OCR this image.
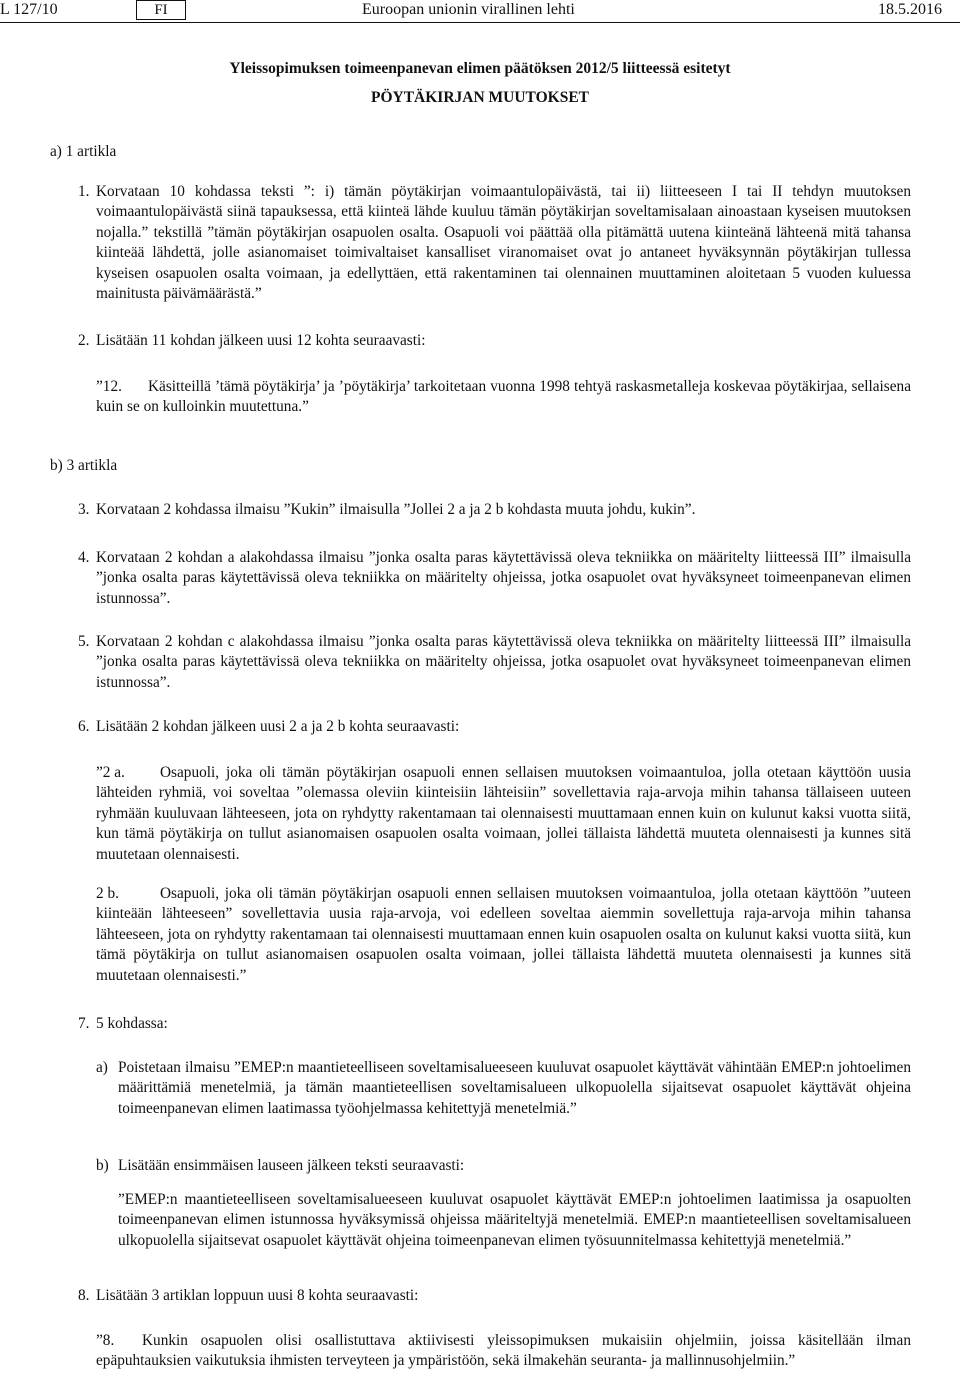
L 127/10	FI	Euroopan unionin virallinen lehti	18.5.2016
Yleissopimuksen toimeenpanevan elimen päätöksen 2012/5 liitteessä esitetyt
PÖYTÄKIRJAN MUUTOKSET
a) 1 artikla
1. Korvataan 10 kohdassa teksti ”: i) tämän pöytäkirjan voimaantulopäivästä, tai ii) liitteeseen I tai II tehdyn muutoksen voimaantulopäivästä siinä tapauksessa, että kiinteä lähde kuuluu tämän pöytäkirjan soveltamisalaan ainoastaan kyseisen muutoksen nojalla.” tekstillä ”tämän pöytäkirjan osapuolen osalta. Osapuoli voi päättää olla pitämättä uutena kiinteänä lähteenä mitä tahansa kiinteää lähdettä, jolle asianomaiset toimivaltaiset kansalliset viranomaiset ovat jo antaneet hyväksynnän pöytäkirjan tullessa kyseisen osapuolen osalta voimaan, ja edellyttäen, että rakentaminen tai olennainen muuttaminen aloitetaan 5 vuoden kuluessa mainitusta päivämäärästä.”
2. Lisätään 11 kohdan jälkeen uusi 12 kohta seuraavasti:
”12.	Käsitteillä ’tämä pöytäkirja’ ja ’pöytäkirja’ tarkoitetaan vuonna 1998 tehtyä raskasmetalleja koskevaa pöytäkirjaa, sellaisena kuin se on kulloinkin muutettuna.”
b) 3 artikla
3. Korvataan 2 kohdassa ilmaisu ”Kukin” ilmaisulla ”Jollei 2 a ja 2 b kohdasta muuta johdu, kukin”.
4. Korvataan 2 kohdan a alakohdassa ilmaisu ”jonka osalta paras käytettävissä oleva tekniikka on määritelty liitteessä III” ilmaisulla ”jonka osalta paras käytettävissä oleva tekniikka on määritelty ohjeissa, jotka osapuolet ovat hyväksyneet toimeenpanevan elimen istunnossa”.
5. Korvataan 2 kohdan c alakohdassa ilmaisu ”jonka osalta paras käytettävissä oleva tekniikka on määritelty liitteessä III” ilmaisulla ”jonka osalta paras käytettävissä oleva tekniikka on määritelty ohjeissa, jotka osapuolet ovat hyväksyneet toimeenpanevan elimen istunnossa”.
6. Lisätään 2 kohdan jälkeen uusi 2 a ja 2 b kohta seuraavasti:
”2 a.	Osapuoli, joka oli tämän pöytäkirjan osapuoli ennen sellaisen muutoksen voimaantuloa, jolla otetaan käyttöön uusia lähteiden ryhmiä, voi soveltaa ”olemassa oleviin kiinteisiin lähteisiin” sovellettavia raja-arvoja mihin tahansa tällaiseen uuteen ryhmään kuuluvaan lähteeseen, jota on ryhdytty rakentamaan tai olennaisesti muuttamaan ennen kuin on kulunut kaksi vuotta siitä, kun tämä pöytäkirja on tullut asianomaisen osapuolen osalta voimaan, jollei tällaista lähdettä muuteta olennaisesti ja kunnes sitä muutetaan olennaisesti.
2 b.	Osapuoli, joka oli tämän pöytäkirjan osapuoli ennen sellaisen muutoksen voimaantuloa, jolla otetaan käyttöön ”uuteen kiinteään lähteeseen” sovellettavia uusia raja-arvoja, voi edelleen soveltaa aiemmin sovellettuja raja-arvoja mihin tahansa lähteeseen, jota on ryhdytty rakentamaan tai olennaisesti muuttamaan ennen kuin osapuolen osalta on kulunut kaksi vuotta siitä, kun tämä pöytäkirja on tullut asianomaisen osapuolen osalta voimaan, jollei tällaista lähdettä muuteta olennaisesti ja kunnes sitä muutetaan olennaisesti.”
7. 5 kohdassa:
a) Poistetaan ilmaisu ”EMEP:n maantieteelliseen soveltamisalueeseen kuuluvat osapuolet käyttävät vähintään EMEP:n johtoelimen määrittämiä menetelmiä, ja tämän maantieteellisen soveltamisalueen ulkopuolella sijaitsevat osapuolet käyttävät ohjeina toimeenpanevan elimen laatimassa työohjelmassa kehitettyjä menetelmiä.”
b) Lisätään ensimmäisen lauseen jälkeen teksti seuraavasti:
”EMEP:n maantieteelliseen soveltamisalueeseen kuuluvat osapuolet käyttävät EMEP:n johtoelimen laatimissa ja osapuolten toimeenpanevan elimen istunnossa hyväksymissä ohjeissa määriteltyjä menetelmiä. EMEP:n maantieteellisen soveltamisalueen ulkopuolella sijaitsevat osapuolet käyttävät ohjeina toimeenpanevan elimen työsuunnitelmassa kehitettyjä menetelmiä.”
8. Lisätään 3 artiklan loppuun uusi 8 kohta seuraavasti:
”8.	Kunkin osapuolen olisi osallistuttava aktiivisesti yleissopimuksen mukaisiin ohjelmiin, joissa käsitellään ilman epäpuhtauksien vaikutuksia ihmisten terveyteen ja ympäristöön, sekä ilmakehän seuranta- ja mallinnusohjelmiin.”
